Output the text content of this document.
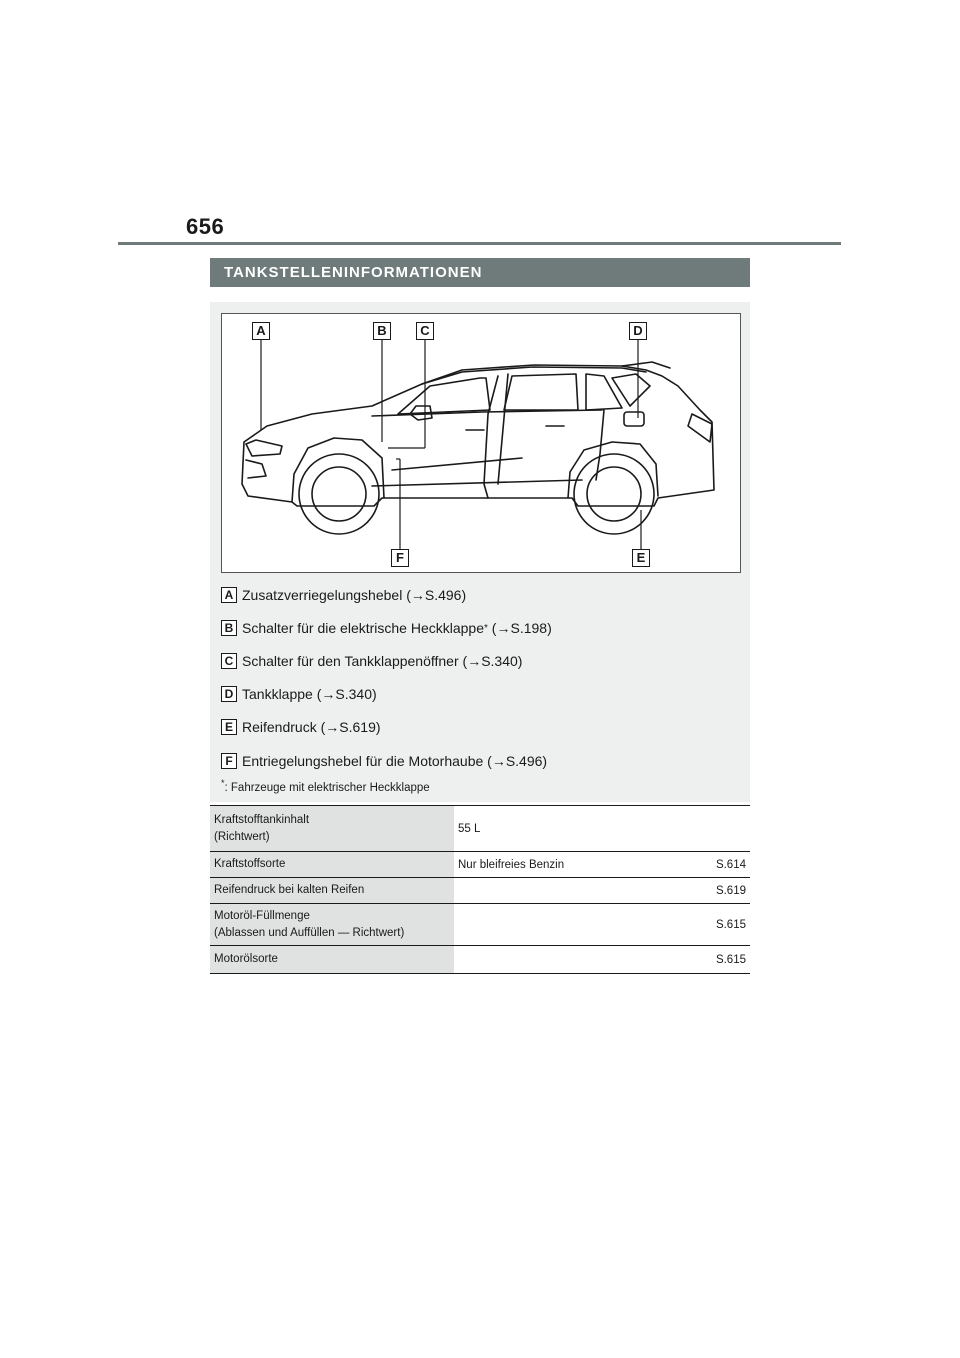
656
TANKSTELLENINFORMATIONEN
A	B	C	D
F	E
A Zusatzverriegelungshebel ( → S.496)
B Schalter für die elektrische Heckklappe * ( → S.198)
C Schalter für den Tankklappenöffner ( → S.340)
D Tankklappe ( → S.340)
E Reifendruck ( → S.619)
F Entriegelungshebel für die Motorhaube ( → S.496)
*: Fahrzeuge mit elektrischer Heckklappe
Kraftstofftankinhalt
(Richtwert)	55 L

Kraftstoffsorte	Nur bleifreies Benzin S.614

Reifendruck bei kalten Reifen	S.619

Motoröl-Füllmenge
(Ablassen und Auffüllen — Richtwert)	S.615

Motorölsorte	S.615
